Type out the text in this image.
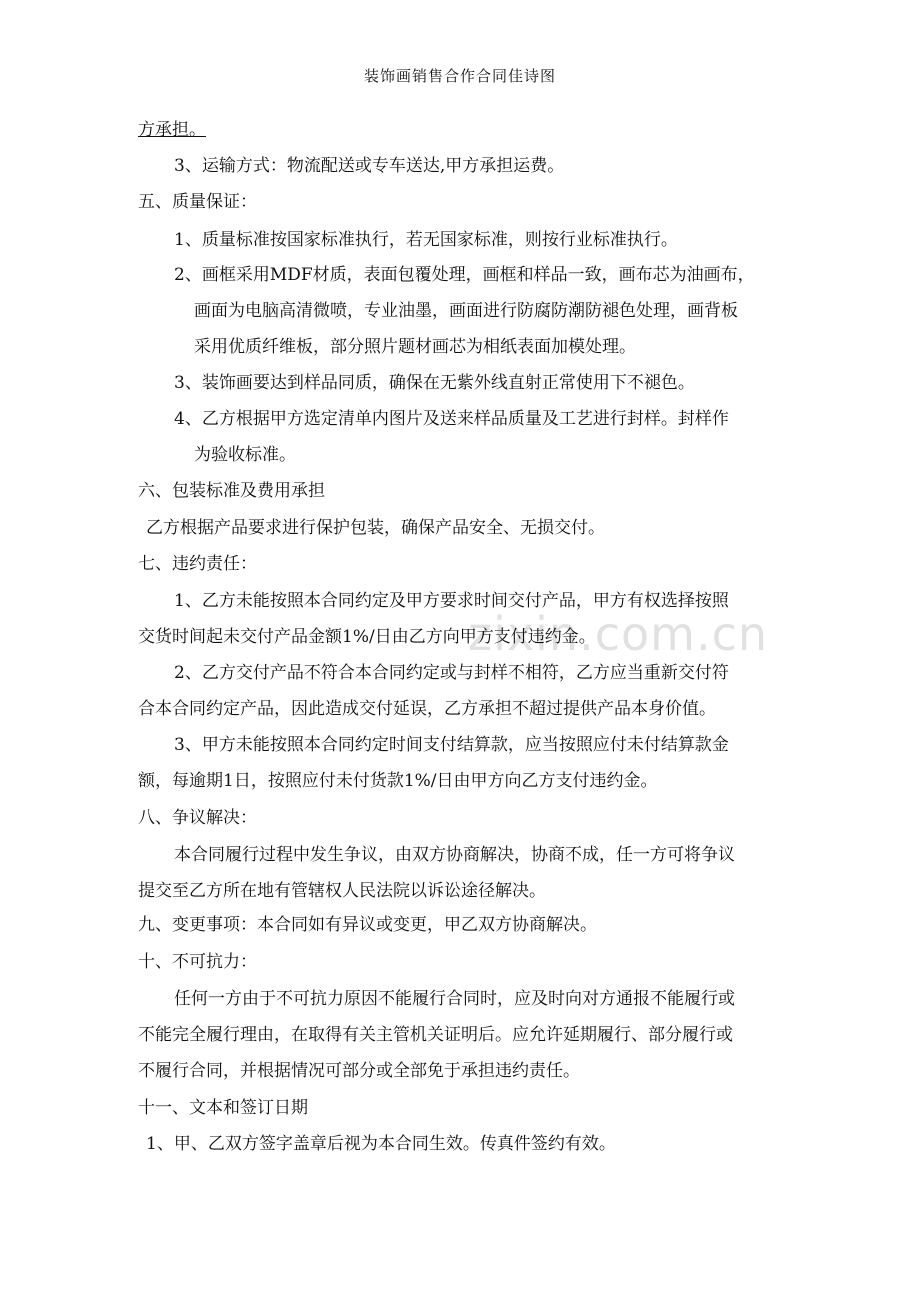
装饰画销售合作合同佳诗图
zixin.com.cn
方承担。
3、运输方式：物流配送或专车送达,甲方承担运费。
五、质量保证：
1、质量标准按国家标准执行，若无国家标准，则按行业标准执行。
2、画框采用MDF材质，表面包覆处理，画框和样品一致，画布芯为油画布，
画面为电脑高清微喷，专业油墨，画面进行防腐防潮防褪色处理，画背板
采用优质纤维板，部分照片题材画芯为相纸表面加模处理。
3、装饰画要达到样品同质，确保在无紫外线直射正常使用下不褪色。
4、乙方根据甲方选定清单内图片及送来样品质量及工艺进行封样。封样作
为验收标准。
六、包装标准及费用承担
乙方根据产品要求进行保护包装，确保产品安全、无损交付。
七、违约责任：
1、乙方未能按照本合同约定及甲方要求时间交付产品，甲方有权选择按照
交货时间起未交付产品金额1%/日由乙方向甲方支付违约金。
2、乙方交付产品不符合本合同约定或与封样不相符，乙方应当重新交付符
合本合同约定产品，因此造成交付延误，乙方承担不超过提供产品本身价值。
3、甲方未能按照本合同约定时间支付结算款，应当按照应付未付结算款金
额，每逾期1日，按照应付未付货款1%/日由甲方向乙方支付违约金。
八、争议解决：
本合同履行过程中发生争议，由双方协商解决，协商不成，任一方可将争议
提交至乙方所在地有管辖权人民法院以诉讼途径解决。
九、变更事项：本合同如有异议或变更，甲乙双方协商解决。
十、不可抗力：
任何一方由于不可抗力原因不能履行合同时，应及时向对方通报不能履行或
不能完全履行理由，在取得有关主管机关证明后。应允许延期履行、部分履行或
不履行合同，并根据情况可部分或全部免于承担违约责任。
十一、文本和签订日期
1、甲、乙双方签字盖章后视为本合同生效。传真件签约有效。
